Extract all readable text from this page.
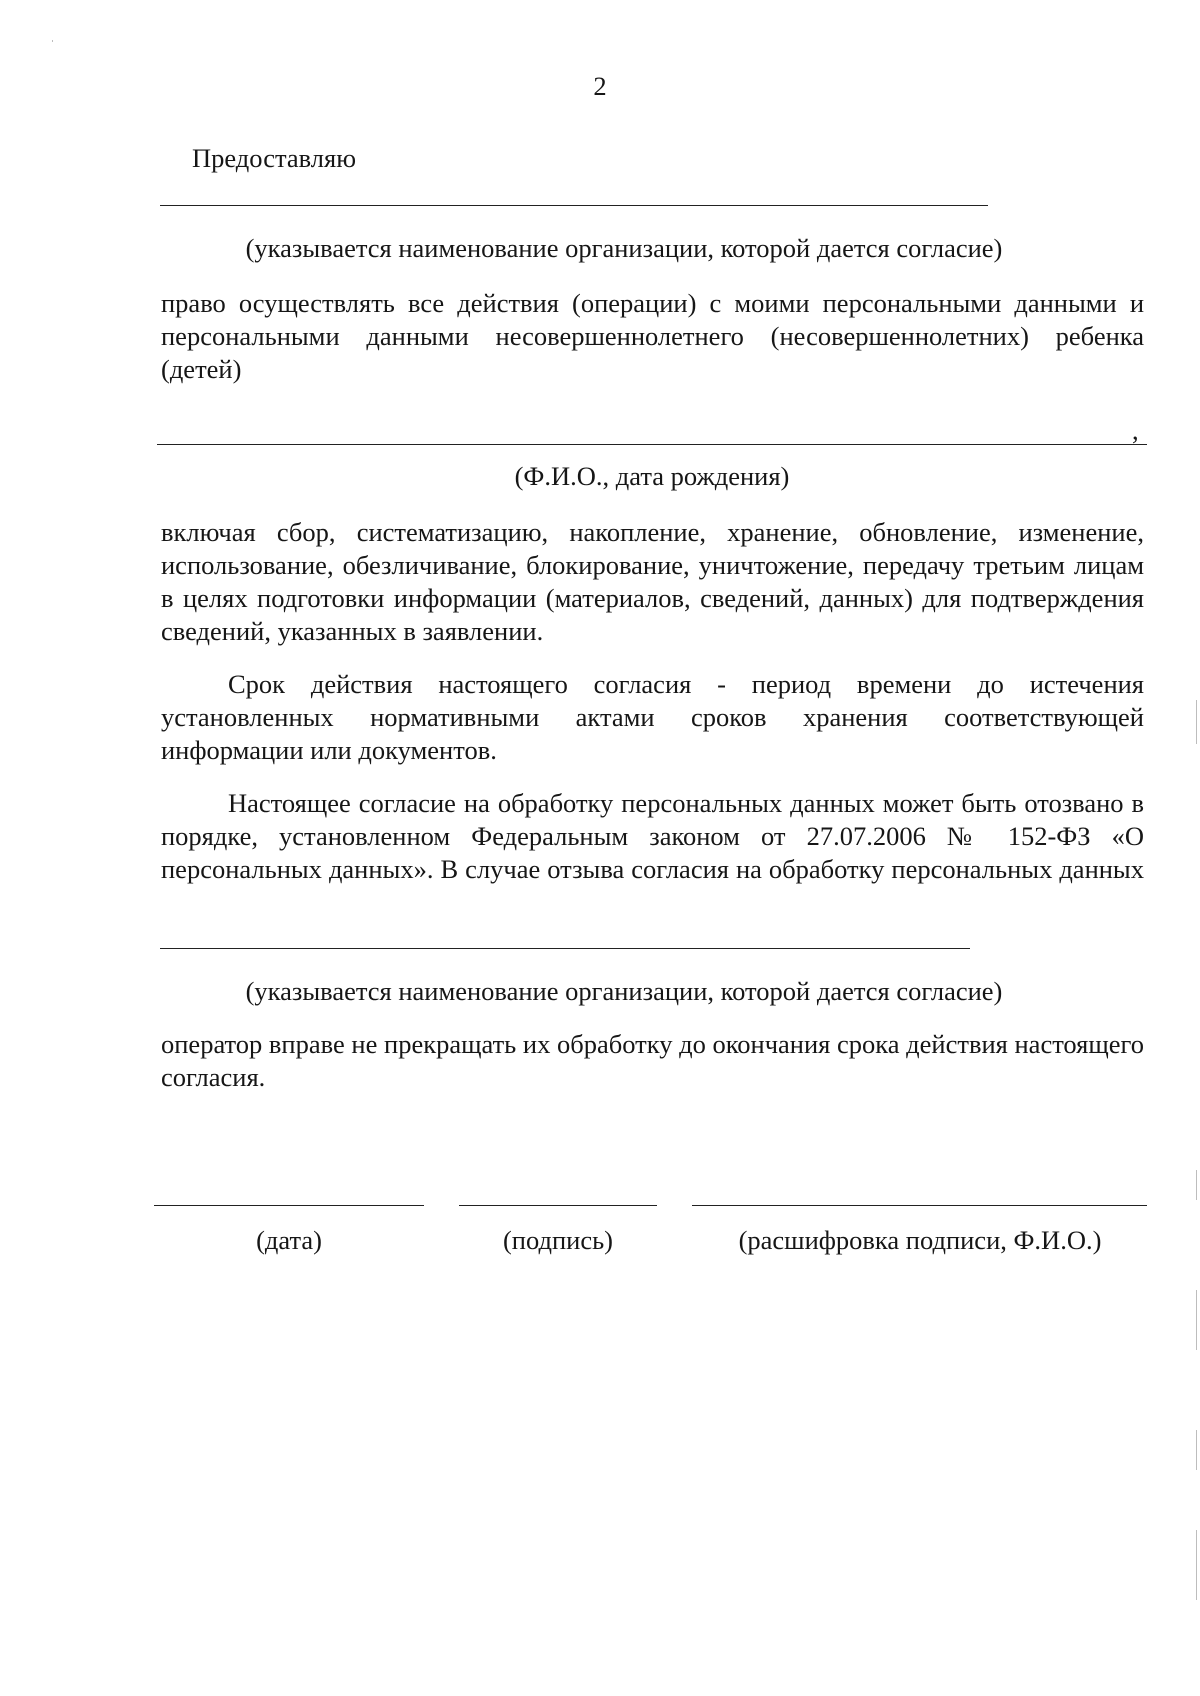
2
Предоставляю
(указывается наименование организации, которой дается согласие)
право осуществлять все действия (операции) с моими персональными данными и персональными данными несовершеннолетнего (несовершеннолетних) ребенка (детей)
,
(Ф.И.О., дата рождения)
включая сбор, систематизацию, накопление, хранение, обновление, изменение, использование, обезличивание, блокирование, уничтожение, передачу третьим лицам в целях подготовки информации (материалов, сведений, данных) для подтверждения сведений, указанных в заявлении.
Срок действия настоящего согласия - период времени до истечения установленных нормативными актами сроков хранения соответствующей информации или документов.
Настоящее согласие на обработку персональных данных может быть отозвано в порядке, установленном Федеральным законом от 27.07.2006 № 152-ФЗ «О персональных данных». В случае отзыва согласия на обработку персональных данных
(указывается наименование организации, которой дается согласие)
оператор вправе не прекращать их обработку до окончания срока действия настоящего согласия.
(дата)	(подпись)	(расшифровка подписи, Ф.И.О.)
